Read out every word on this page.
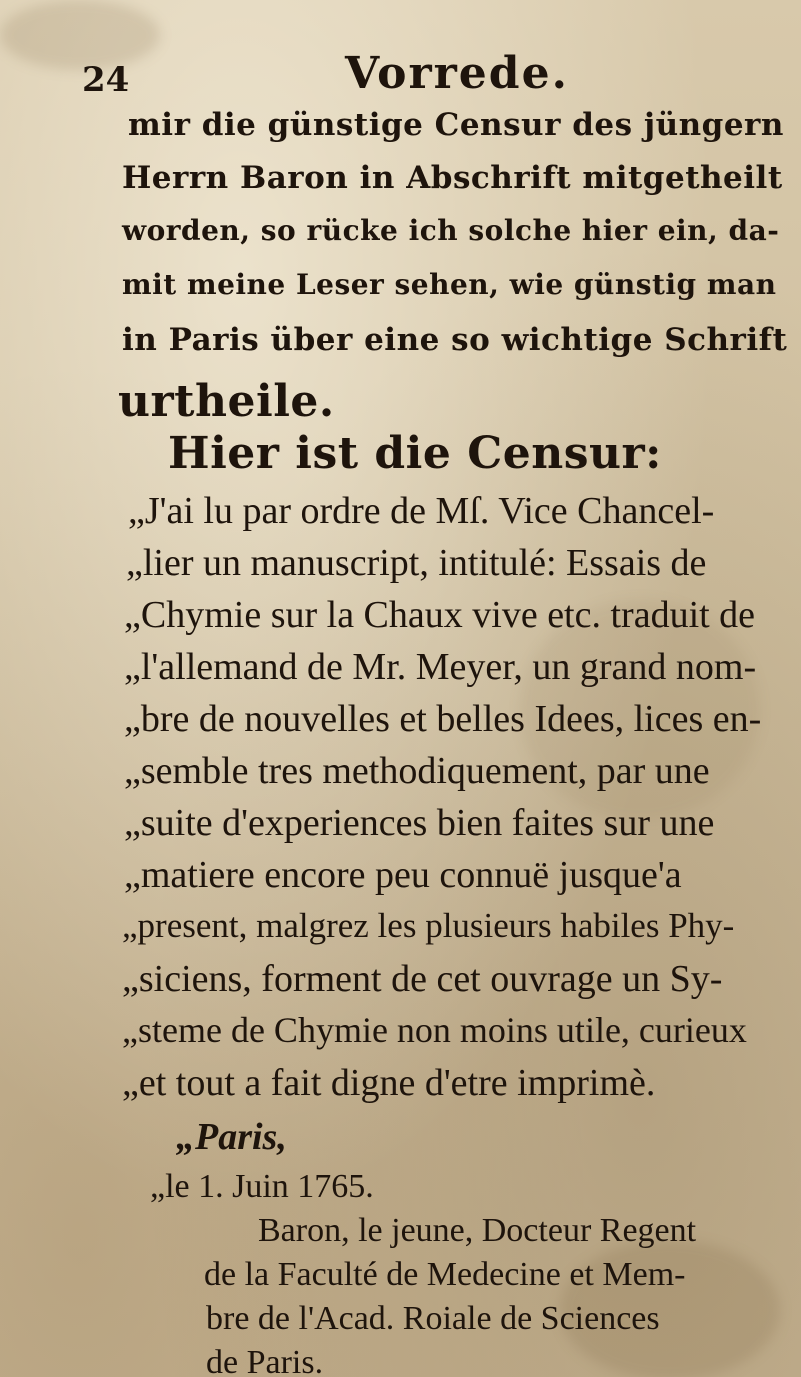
24	Vorrede.
mir die günstige Censur des jüngern
Herrn Baron in Abschrift mitgetheilt
worden, so rücke ich solche hier ein, da-
mit meine Leser sehen, wie günstig man
in Paris über eine so wichtige Schrift
urtheile.
Hier ist die Censur:
„J'ai lu par ordre de Mſ. Vice Chancel-
„lier un manuscript, intitulé: Essais de
„Chymie sur la Chaux vive etc. traduit de
„l'allemand de Mr. Meyer, un grand nom-
„bre de nouvelles et belles Idees, lices en-
„semble tres methodiquement, par une
„suite d'experiences bien faites sur une
„matiere encore peu connuë jusque'a
„present, malgrez les plusieurs habiles Phy-
„siciens, forment de cet ouvrage un Sy-
„steme de Chymie non moins utile, curieux
„et tout a fait digne d'etre imprimè.
„Paris,
„le 1. Juin 1765.
Baron, le jeune, Docteur Regent
de la Faculté de Medecine et Mem-
bre de l'Acad. Roiale de Sciences
de Paris.
